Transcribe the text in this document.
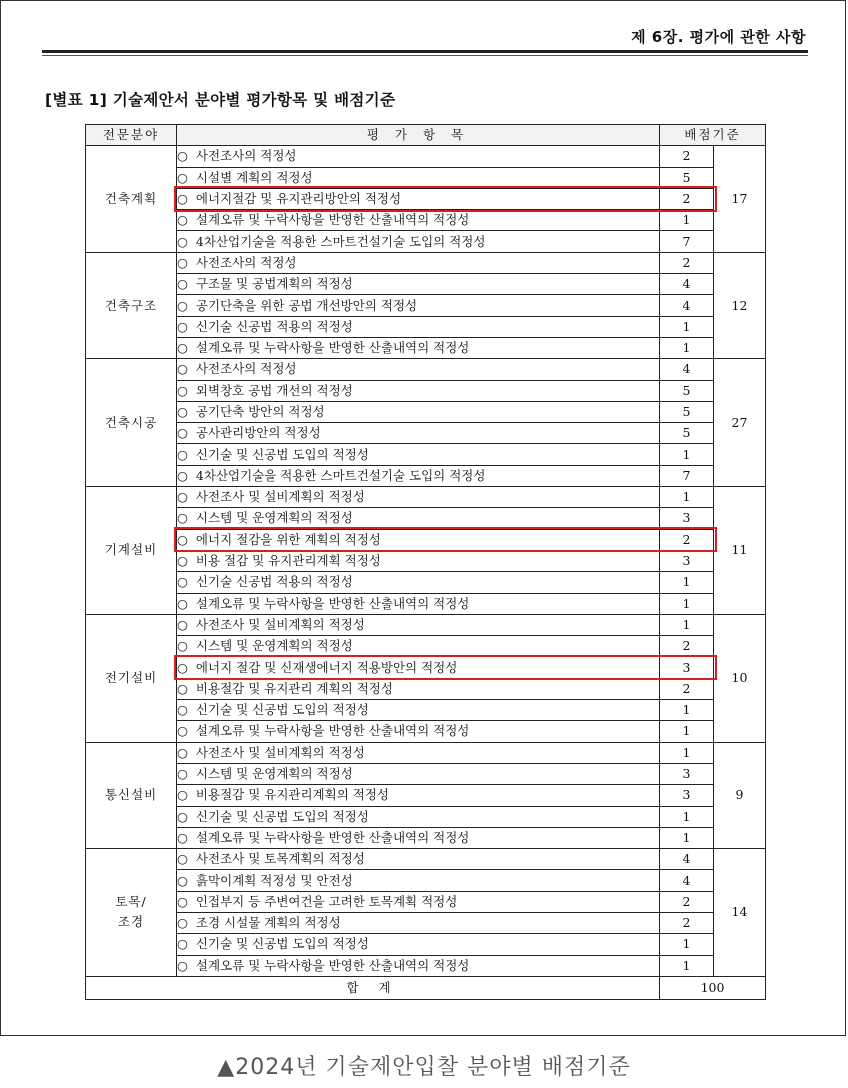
제 6장. 평가에 관한 사항
[별표 1] 기술제안서 분야별 평가항목 및 배점기준
전문분야	평 가 항 목	배점기준	
건축계획	○ 사전조사의 적정성	2	17
	○ 시설별 계획의 적정성	5	
	○ 에너지절감 및 유지관리방안의 적정성	2	
	○ 설계오류 및 누락사항을 반영한 산출내역의 적정성	1	
	○ 4차산업기술을 적용한 스마트건설기술 도입의 적정성	7	
건축구조	○ 사전조사의 적정성	2	12
	○ 구조물 및 공법계획의 적정성	4	
	○ 공기단축을 위한 공법 개선방안의 적정성	4	
	○ 신기술 신공법 적용의 적정성	1	
	○ 설계오류 및 누락사항을 반영한 산출내역의 적정성	1	
건축시공	○ 사전조사의 적정성	4	27
	○ 외벽창호 공법 개선의 적정성	5	
	○ 공기단축 방안의 적정성	5	
	○ 공사관리방안의 적정성	5	
	○ 신기술 및 신공법 도입의 적정성	1	
	○ 4차산업기술을 적용한 스마트건설기술 도입의 적정성	7	
기계설비	○ 사전조사 및 설비계획의 적정성	1	11
	○ 시스템 및 운영계획의 적정성	3	
	○ 에너지 절감을 위한 계획의 적정성	2	
	○ 비용 절감 및 유지관리계획 적정성	3	
	○ 신기술 신공법 적용의 적정성	1	
	○ 설계오류 및 누락사항을 반영한 산출내역의 적정성	1	
전기설비	○ 사전조사 및 설비계획의 적정성	1	10
	○ 시스템 및 운영계획의 적정성	2	
	○ 에너지 절감 및 신재생에너지 적용방안의 적정성	3	
	○ 비용절감 및 유지관리 계획의 적정성	2	
	○ 신기술 및 신공법 도입의 적정성	1	
	○ 설계오류 및 누락사항을 반영한 산출내역의 적정성	1	
통신설비	○ 사전조사 및 설비계획의 적정성	1	9
	○ 시스템 및 운영계획의 적정성	3	
	○ 비용절감 및 유지관리계획의 적정성	3	
	○ 신기술 및 신공법 도입의 적정성	1	
	○ 설계오류 및 누락사항을 반영한 산출내역의 적정성	1	
토목/
조경	○ 사전조사 및 토목계획의 적정성	4	14
	○ 흙막이계획 적정성 및 안전성	4	
	○ 인접부지 등 주변여건을 고려한 토목계획 적정성	2	
	○ 조경 시설물 계획의 적정성	2	
	○ 신기술 및 신공법 도입의 적정성	1	
	○ 설계오류 및 누락사항을 반영한 산출내역의 적정성	1	
합 계		100	
▲2024년 기술제안입찰 분야별 배점기준
